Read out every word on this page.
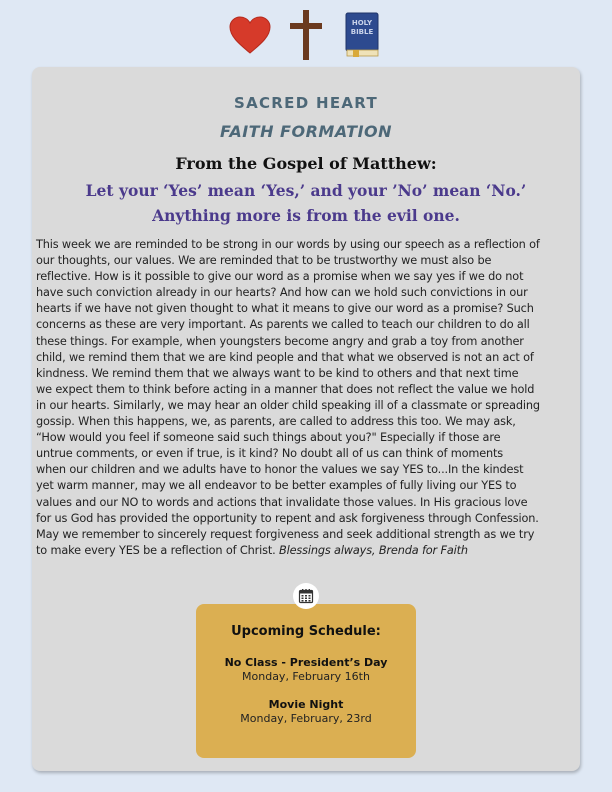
HOLY
BIBLE
SACRED HEART
FAITH FORMATION
From the Gospel of Matthew:
Let your ‘Yes’ mean ‘Yes,’ and your ’No’ mean ‘No.’
Anything more is from the evil one.
This week we are reminded to be strong in our words by using our speech as a reflection of
our thoughts, our values. We are reminded that to be trustworthy we must also be
reflective. How is it possible to give our word as a promise when we say yes if we do not
have such conviction already in our hearts? And how can we hold such convictions in our
hearts if we have not given thought to what it means to give our word as a promise? Such
concerns as these are very important. As parents we called to teach our children to do all
these things. For example, when youngsters become angry and grab a toy from another
child, we remind them that we are kind people and that what we observed is not an act of
kindness. We remind them that we always want to be kind to others and that next time
we expect them to think before acting in a manner that does not reflect the value we hold
in our hearts. Similarly, we may hear an older child speaking ill of a classmate or spreading
gossip. When this happens, we, as parents, are called to address this too. We may ask,
“How would you feel if someone said such things about you?" Especially if those are
untrue comments, or even if true, is it kind? No doubt all of us can think of moments
when our children and we adults have to honor the values we say YES to...In the kindest
yet warm manner, may we all endeavor to be better examples of fully living our YES to
values and our NO to words and actions that invalidate those values. In His gracious love
for us God has provided the opportunity to repent and ask forgiveness through Confession.
May we remember to sincerely request forgiveness and seek additional strength as we try
to make every YES be a reflection of Christ. Blessings always, Brenda for Faith
Upcoming Schedule:
No Class - President’s Day
Monday, February 16th
Movie Night
Monday, February, 23rd
